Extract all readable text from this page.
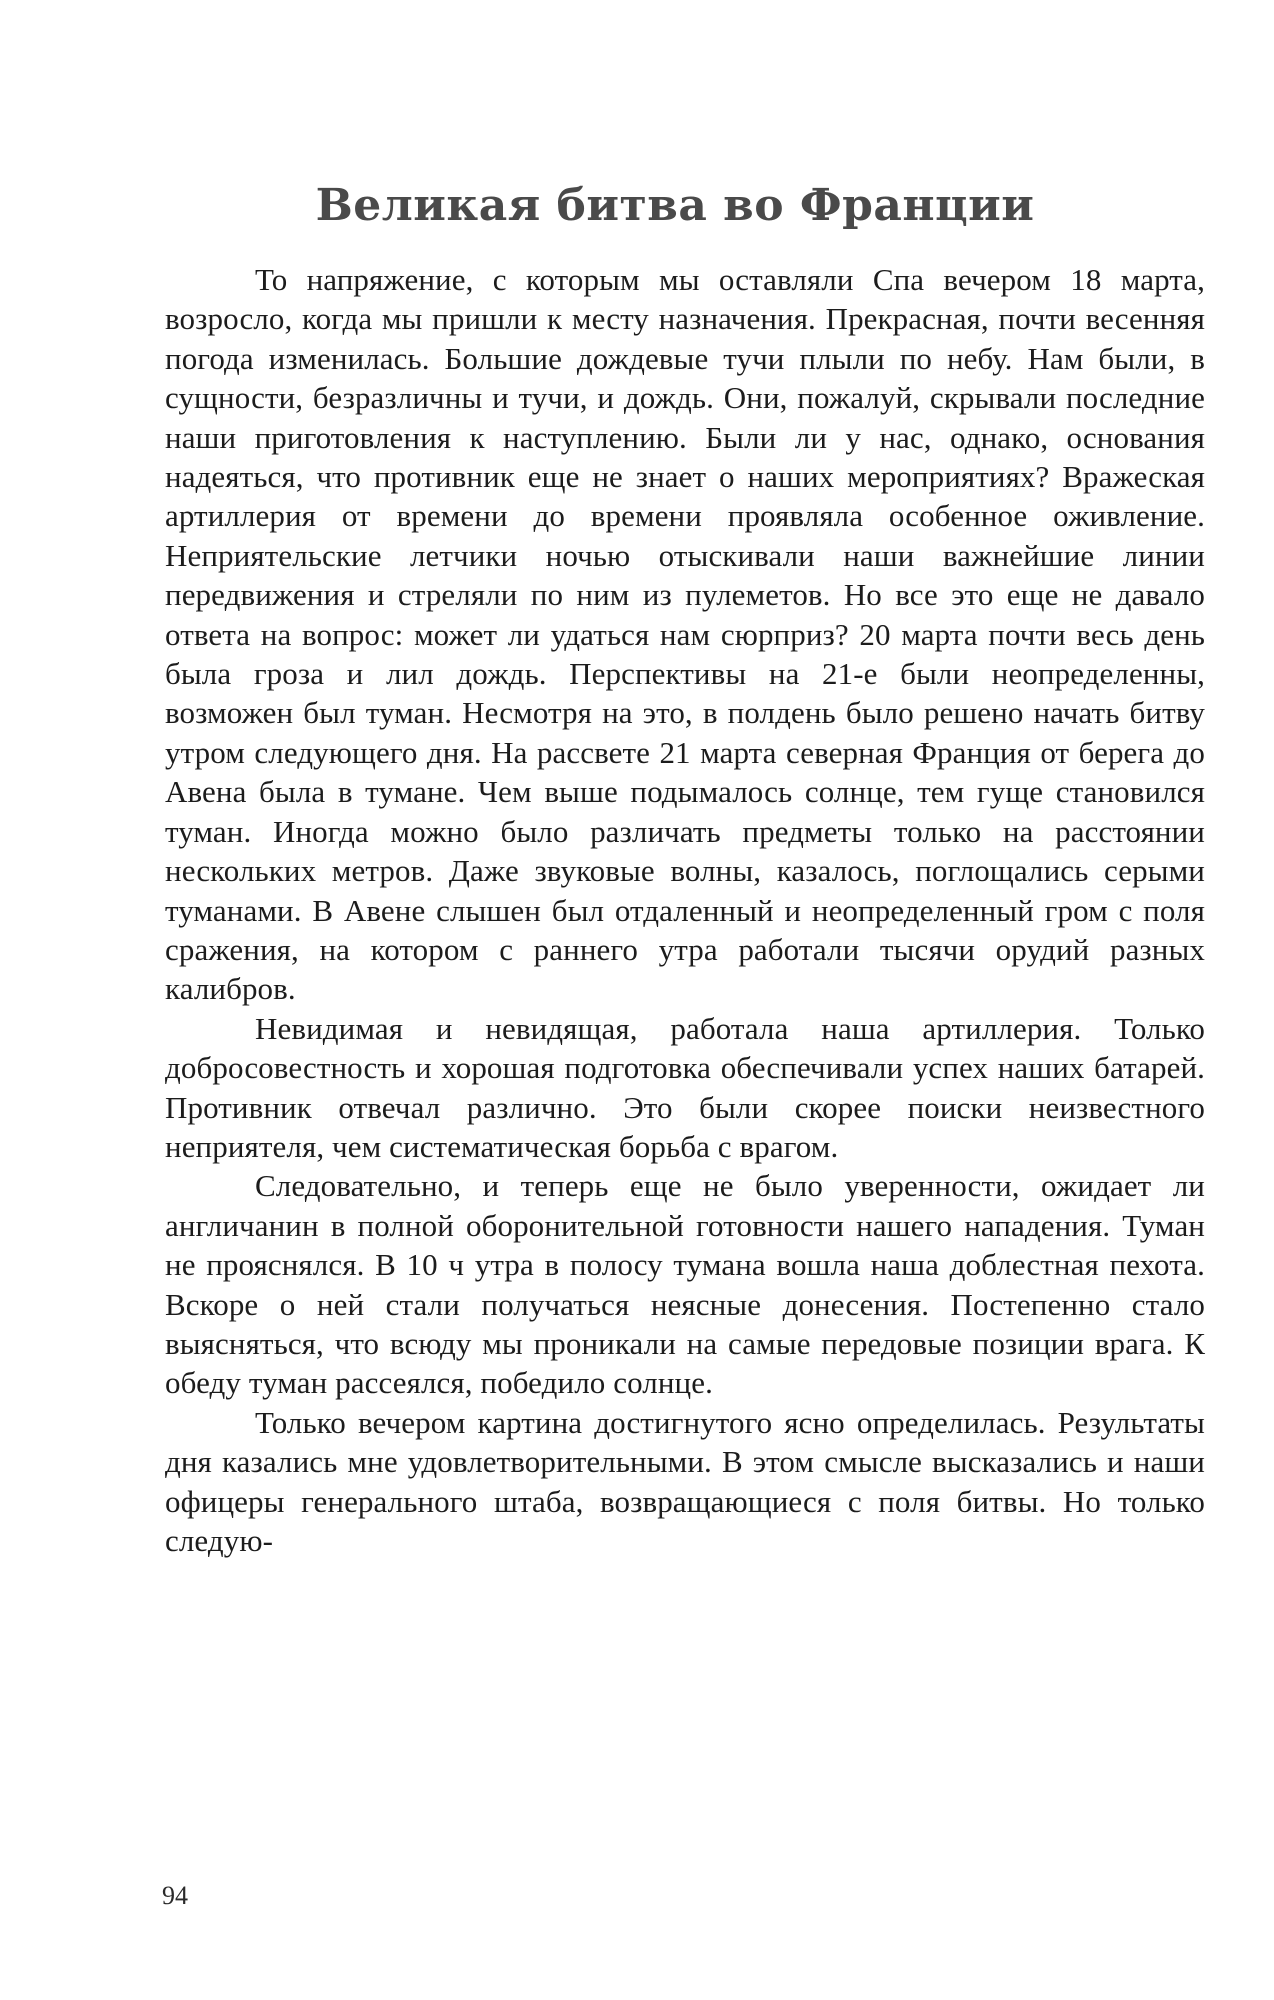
Великая битва во Франции

То напряжение, с которым мы оставляли Спа вечером 18 марта, возросло, когда мы пришли к месту назначения. Прекрасная, почти весенняя погода изменилась. Большие дождевые тучи плыли по небу. Нам были, в сущности, безразличны и тучи, и дождь. Они, пожалуй, скрывали последние наши приготовления к наступлению. Были ли у нас, однако, основания надеяться, что противник еще не знает о наших мероприятиях? Вражеская артиллерия от времени до времени проявляла особенное оживление. Неприятельские летчики ночью отыскивали наши важнейшие линии передвижения и стреляли по ним из пулеметов. Но все это еще не давало ответа на вопрос: может ли удаться нам сюрприз? 20 марта почти весь день была гроза и лил дождь. Перспективы на 21-е были неопределенны, возможен был туман. Несмотря на это, в полдень было решено начать битву утром следующего дня. На рассвете 21 марта северная Франция от берега до Авена была в тумане. Чем выше подымалось солнце, тем гуще становился туман. Иногда можно было различать предметы только на расстоянии нескольких метров. Даже звуковые волны, казалось, поглощались серыми туманами. В Авене слышен был отдаленный и неопределенный гром с поля сражения, на котором с раннего утра работали тысячи орудий разных калибров.

Невидимая и невидящая, работала наша артиллерия. Только добросовестность и хорошая подготовка обеспечивали успех наших батарей. Противник отвечал различно. Это были скорее поиски неизвестного неприятеля, чем систематическая борьба с врагом.

Следовательно, и теперь еще не было уверенности, ожидает ли англичанин в полной оборонительной готовности нашего нападения. Туман не прояснялся. В 10 ч утра в полосу тумана вошла наша доблестная пехота. Вскоре о ней стали получаться неясные донесения. Постепенно стало выясняться, что всюду мы проникали на самые передовые позиции врага. К обеду туман рассеялся, победило солнце.

Только вечером картина достигнутого ясно определилась. Результаты дня казались мне удовлетворительными. В этом смысле высказались и наши офицеры генерального штаба, возвращающиеся с поля битвы. Но только следую-

94
